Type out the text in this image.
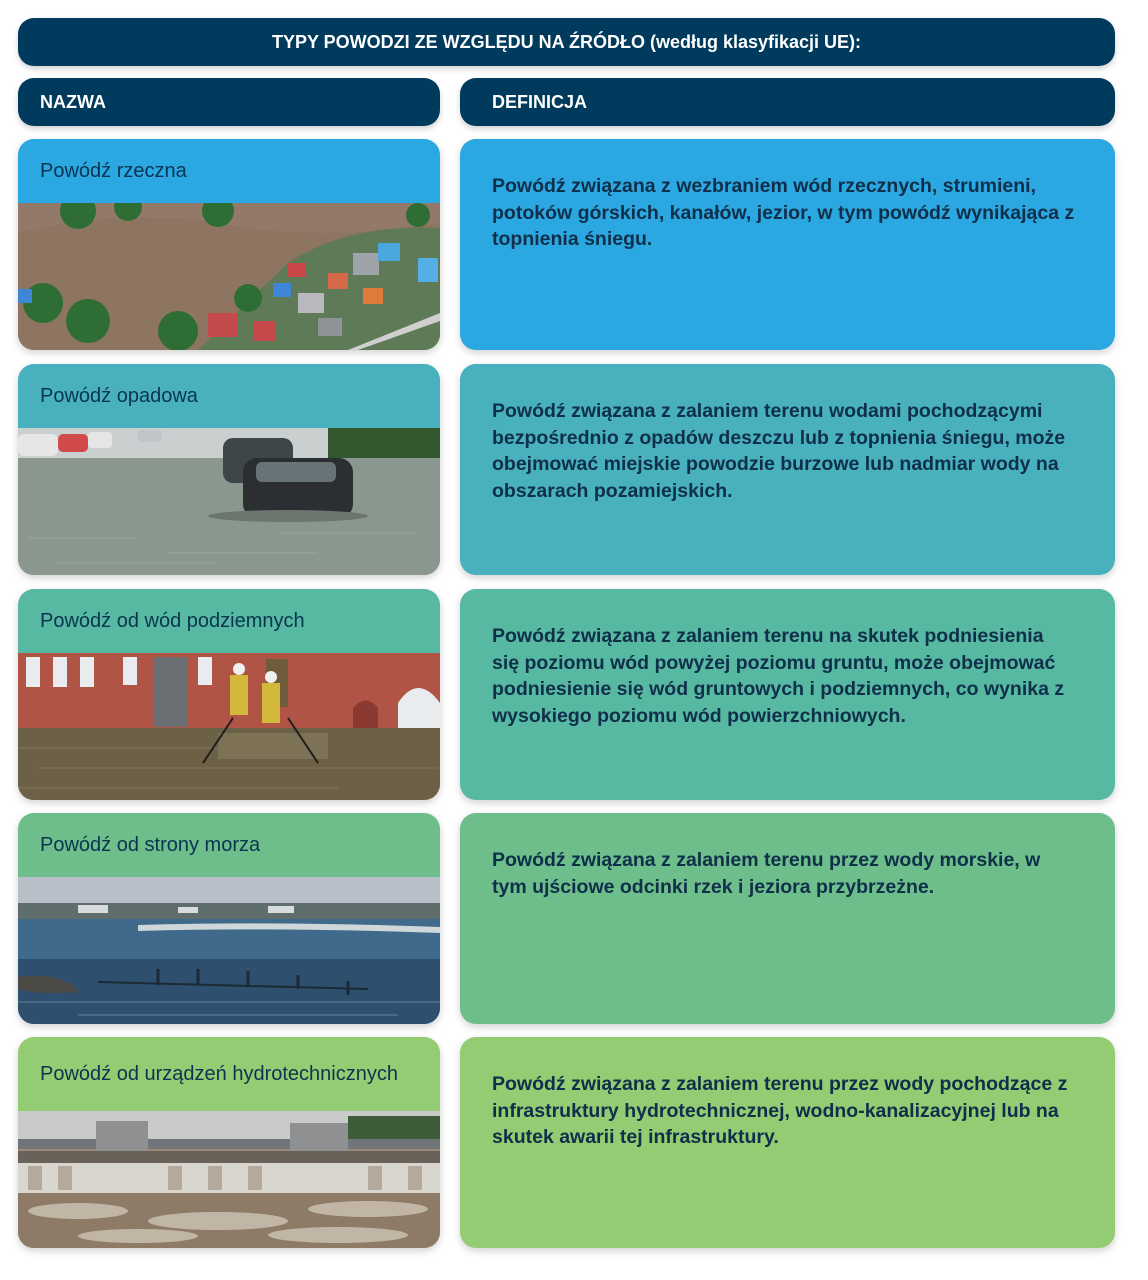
TYPY POWODZI ZE WZGLĘDU NA ŹRÓDŁO (według klasyfikacji UE):
NAZWA	DEFINICJA
Powódź rzeczna

Powódź związana z wezbraniem wód rzecznych, strumieni, potoków górskich, kanałów, jezior, w tym powódź wynikająca z topnienia śniegu.

Powódź opadowa

Powódź związana z zalaniem terenu wodami pochodzącymi bezpośrednio z opadów deszczu lub z topnienia śniegu, może obejmować miejskie powodzie burzowe lub nadmiar wody na obszarach pozamiejskich.

Powódź od wód podziemnych

Powódź związana z zalaniem terenu na skutek podniesienia się poziomu wód powyżej poziomu gruntu, może obejmować podniesienie się wód gruntowych i podziemnych, co wynika z wysokiego poziomu wód powierzchniowych.

Powódź od strony morza

Powódź związana z zalaniem terenu przez wody morskie, w tym ujściowe odcinki rzek i jeziora przybrzeżne.

Powódź od urządzeń hydrotechnicznych	Powódź związana z zalaniem terenu przez wody pochodzące z infrastruktury hydrotechnicznej, wodno-kanalizacyjnej lub na skutek awarii tej infrastruktury.
